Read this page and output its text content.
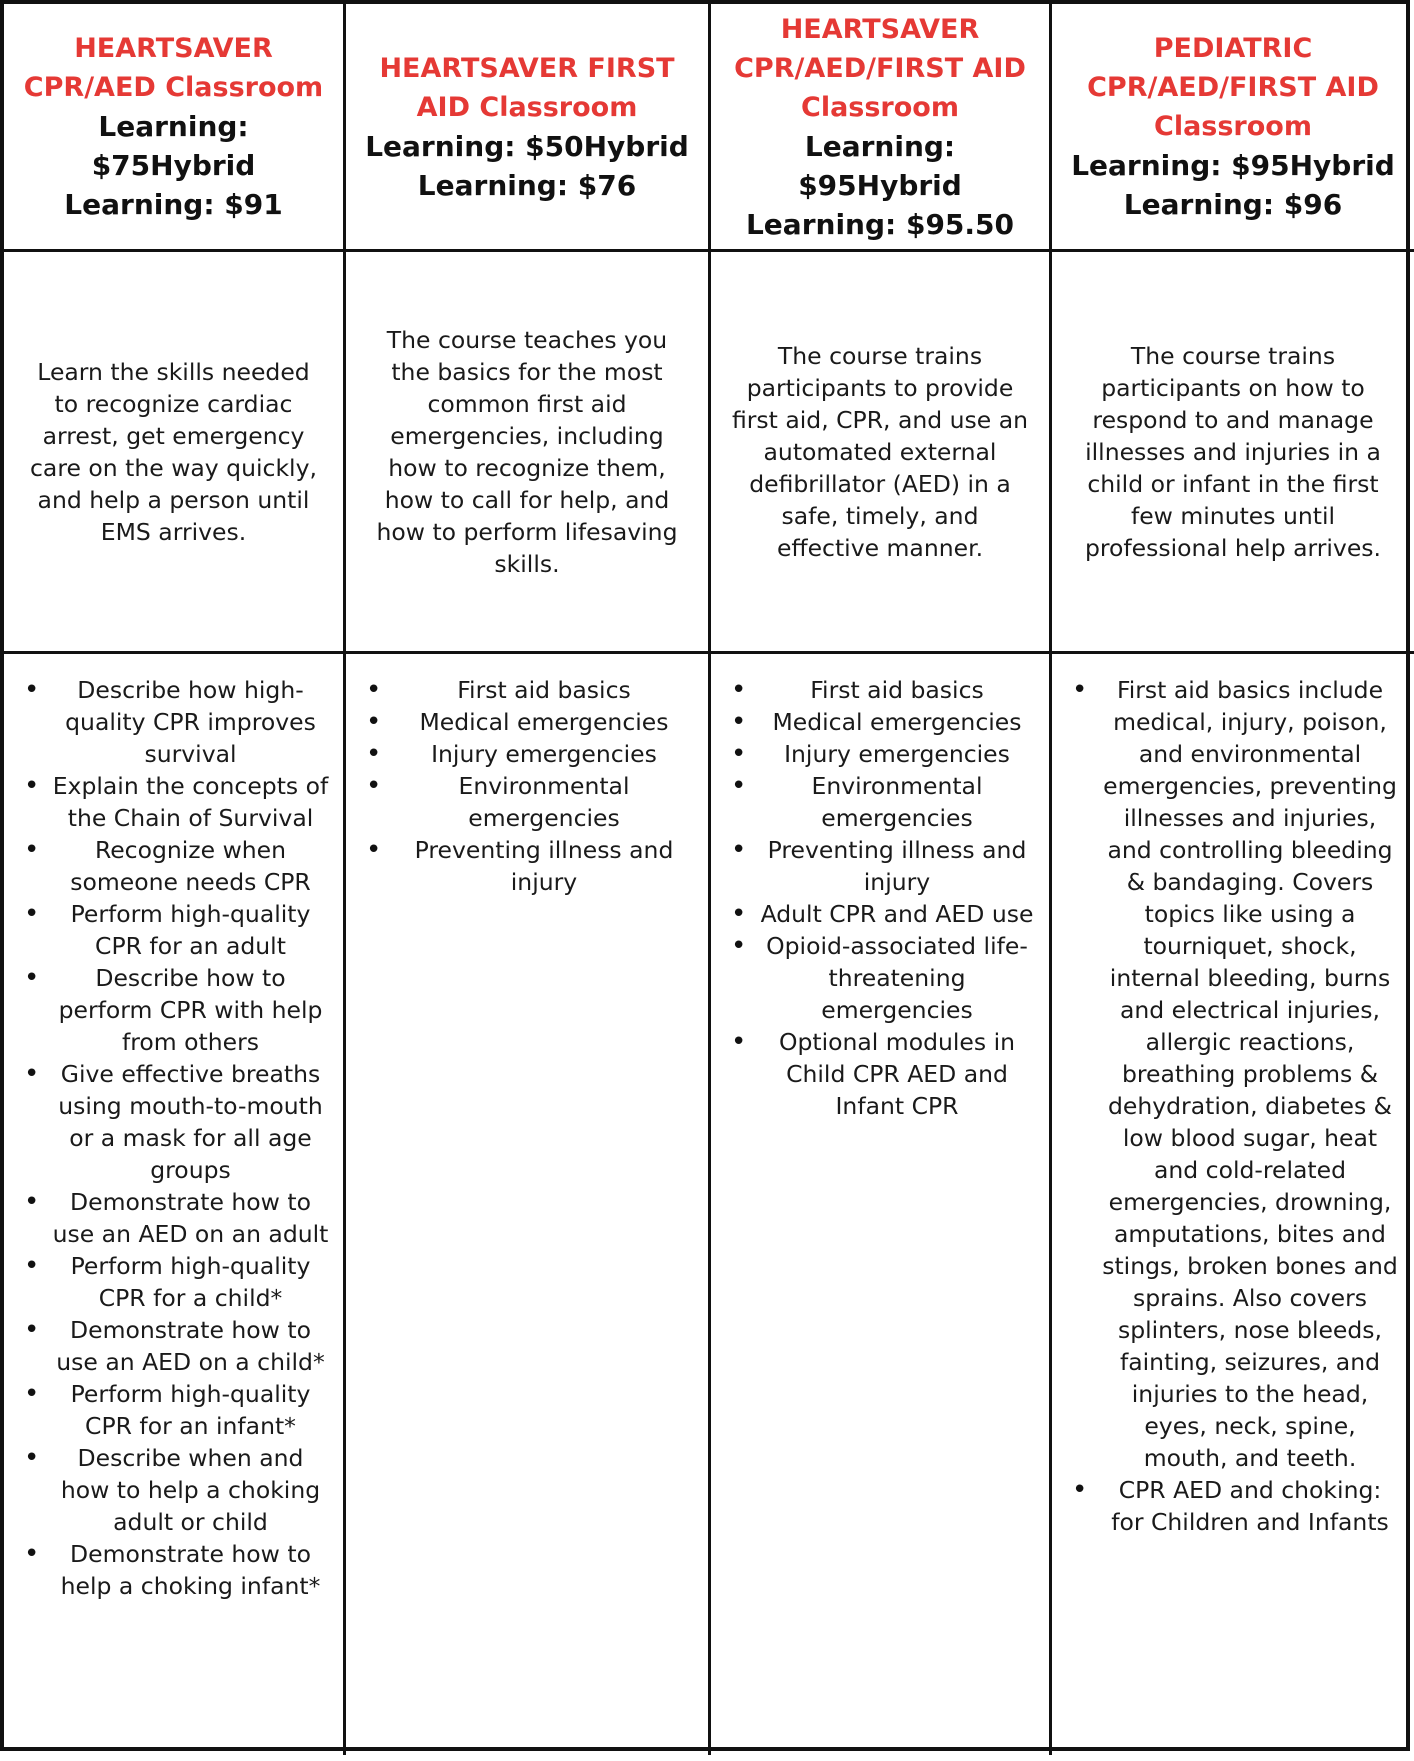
HEARTSAVER
CPR/AED Classroom
Learning: $75Hybrid
Learning: $91
HEARTSAVER FIRST
AID Classroom
Learning: $50Hybrid
Learning: $76
HEARTSAVER
CPR/AED/FIRST AID
Classroom
Learning: $95Hybrid
Learning: $95.50
PEDIATRIC
CPR/AED/FIRST AID
Classroom
Learning: $95Hybrid
Learning: $96

Learn the skills needed to recognize cardiac arrest, get emergency care on the way quickly, and help a person until EMS arrives.

The course teaches you the basics for the most common first aid emergencies, including how to recognize them, how to call for help, and how to perform lifesaving skills.

The course trains participants to provide first aid, CPR, and use an automated external defibrillator (AED) in a safe, timely, and effective manner.

The course trains participants on how to respond to and manage illnesses and injuries in a child or infant in the first few minutes until professional help arrives.

• Describe how high-quality CPR improves survival
• Explain the concepts of the Chain of Survival
• Recognize when someone needs CPR
• Perform high-quality CPR for an adult
• Describe how to perform CPR with help from others
• Give effective breaths using mouth-to-mouth or a mask for all age groups
• Demonstrate how to use an AED on an adult
• Perform high-quality CPR for a child*
• Demonstrate how to use an AED on a child*
• Perform high-quality CPR for an infant*
• Describe when and how to help a choking adult or child
• Demonstrate how to help a choking infant*
• First aid basics
• Medical emergencies
• Injury emergencies
• Environmental emergencies
• Preventing illness and injury
• First aid basics
• Medical emergencies
• Injury emergencies
• Environmental emergencies
• Preventing illness and injury
• Adult CPR and AED use
• Opioid-associated life-threatening emergencies
• Optional modules in Child CPR AED and Infant CPR
• First aid basics include medical, injury, poison, and environmental emergencies, preventing illnesses and injuries, and controlling bleeding & bandaging. Covers topics like using a tourniquet, shock, internal bleeding, burns and electrical injuries, allergic reactions, breathing problems & dehydration, diabetes & low blood sugar, heat and cold-related emergencies, drowning, amputations, bites and stings, broken bones and sprains. Also covers splinters, nose bleeds, fainting, seizures, and injuries to the head, eyes, neck, spine, mouth, and teeth.
• CPR AED and choking: for Children and Infants
